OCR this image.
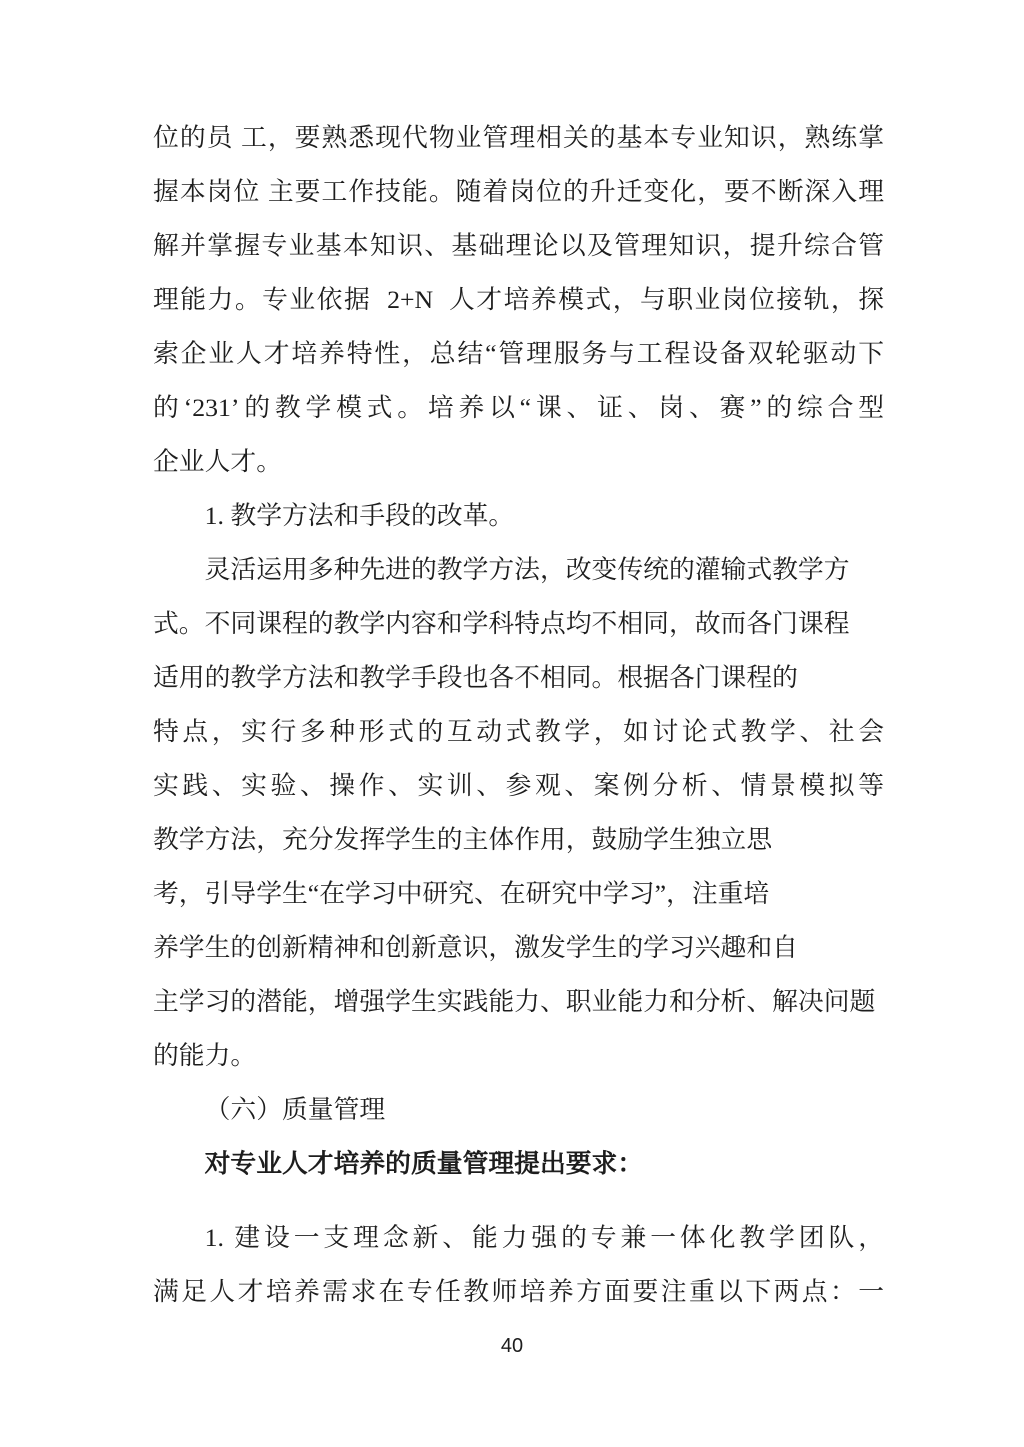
位的员 工，要熟悉现代物业管理相关的基本专业知识，熟练掌
握本岗位 主要工作技能。随着岗位的升迁变化，要不断深入理
解并掌握专业基本知识、基础理论以及管理知识，提升综合管
理能力。专业依据  2+N  人才培养模式，与职业岗位接轨，探
索企业人才培养特性，总结“管理服务与工程设备双轮驱动下
的‘231’的教学模式。培养以“课、证、岗、赛”的综合型
企业人才。
1. 教学方法和手段的改革。
灵活运用多种先进的教学方法，改变传统的灌输式教学方
式。不同课程的教学内容和学科特点均不相同，故而各门课程
适用的教学方法和教学手段也各不相同。根据各门课程的
特点，实行多种形式的互动式教学，如讨论式教学、社会
实践、实验、操作、实训、参观、案例分析、情景模拟等
教学方法，充分发挥学生的主体作用，鼓励学生独立思
考，引导学生“在学习中研究、在研究中学习”，注重培
养学生的创新精神和创新意识，激发学生的学习兴趣和自
主学习的潜能，增强学生实践能力、职业能力和分析、解决问题
的能力。
（六）质量管理
对专业人才培养的质量管理提出要求：
1. 建设一支理念新、能力强的专兼一体化教学团队，
满足人才培养需求在专任教师培养方面要注重以下两点：一
40
